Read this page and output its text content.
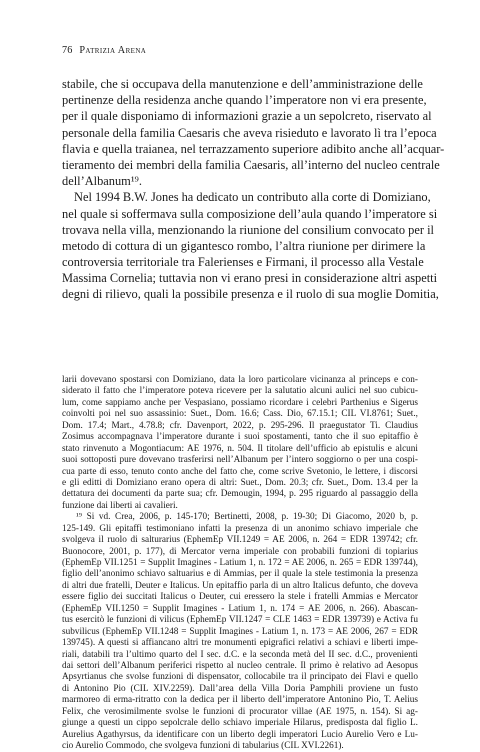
76 Patrizia Arena
stabile, che si occupava della manutenzione e dell’amministrazione delle
pertinenze della residenza anche quando l’imperatore non vi era presente,
per il quale disponiamo di informazioni grazie a un sepolcreto, riservato al
personale della familia Caesaris che aveva risieduto e lavorato lì tra l’epoca
flavia e quella traianea, nel terrazzamento superiore adibito anche all’acquar-
tieramento dei membri della familia Caesaris, all’interno del nucleo centrale
dell’Albanum¹⁹.
Nel 1994 B.W. Jones ha dedicato un contributo alla corte di Domiziano,
nel quale si soffermava sulla composizione dell’aula quando l’imperatore si
trovava nella villa, menzionando la riunione del consilium convocato per il
metodo di cottura di un gigantesco rombo, l’altra riunione per dirimere la
controversia territoriale tra Falerienses e Firmani, il processo alla Vestale
Massima Cornelia; tuttavia non vi erano presi in considerazione altri aspetti
degni di rilievo, quali la possibile presenza e il ruolo di sua moglie Domitia,
larii dovevano spostarsi con Domiziano, data la loro particolare vicinanza al princeps e con-
siderato il fatto che l’imperatore poteva ricevere per la salutatio alcuni aulici nel suo cubicu-
lum, come sappiamo anche per Vespasiano, possiamo ricordare i celebri Parthenius e Sigerus
coinvolti poi nel suo assassinio: Suet., Dom. 16.6; Cass. Dio, 67.15.1; CIL VI.8761; Suet.,
Dom. 17.4; Mart., 4.78.8; cfr. Davenport, 2022, p. 295-296. Il praegustator Ti. Claudius
Zosimus accompagnava l’imperatore durante i suoi spostamenti, tanto che il suo epitaffio è
stato rinvenuto a Mogontiacum: AE 1976, n. 504. Il titolare dell’ufficio ab epistulis e alcuni
suoi sottoposti pure dovevano trasferirsi nell’Albanum per l’intero soggiorno o per una cospi-
cua parte di esso, tenuto conto anche del fatto che, come scrive Svetonio, le lettere, i discorsi
e gli editti di Domiziano erano opera di altri: Suet., Dom. 20.3; cfr. Suet., Dom. 13.4 per la
dettatura dei documenti da parte sua; cfr. Demougin, 1994, p. 295 riguardo al passaggio della
funzione dai liberti ai cavalieri.
¹⁹ Si vd. Crea, 2006, p. 145-170; Bertinetti, 2008, p. 19-30; Di Giacomo, 2020 b, p.
125-149. Gli epitaffi testimoniano infatti la presenza di un anonimo schiavo imperiale che
svolgeva il ruolo di salturarius (EphemEp VII.1249 = AE 2006, n. 264 = EDR 139742; cfr.
Buonocore, 2001, p. 177), di Mercator verna imperiale con probabili funzioni di topiarius
(EphemEp VII.1251 = Supplit Imagines - Latium 1, n. 172 = AE 2006, n. 265 = EDR 139744),
figlio dell’anonimo schiavo saltuarius e di Ammias, per il quale la stele testimonia la presenza
di altri due fratelli, Deuter e Italicus. Un epitaffio parla di un altro Italicus defunto, che doveva
essere figlio dei succitati Italicus o Deuter, cui eressero la stele i fratelli Ammias e Mercator
(EphemEp VII.1250 = Supplit Imagines - Latium 1, n. 174 = AE 2006, n. 266). Abascan-
tus esercitò le funzioni di vilicus (EphemEp VII.1247 = CLE 1463 = EDR 139739) e Activa fu
subvilicus (EphemEp VII.1248 = Supplit Imagines - Latium 1, n. 173 = AE 2006, 267 = EDR
139745). A questi si affiancano altri tre monumenti epigrafici relativi a schiavi e liberti impe-
riali, databili tra l’ultimo quarto del I sec. d.C. e la seconda metà del II sec. d.C., provenienti
dai settori dell’Albanum periferici rispetto al nucleo centrale. Il primo è relativo ad Aesopus
Apsyrtianus che svolse funzioni di dispensator, collocabile tra il principato dei Flavi e quello
di Antonino Pio (CIL XIV.2259). Dall’area della Villa Doria Pamphili proviene un fusto
marmoreo di erma-ritratto con la dedica per il liberto dell’imperatore Antonino Pio, T. Aelius
Felix, che verosimilmente svolse le funzioni di procurator villae (AE 1975, n. 154). Si ag-
giunge a questi un cippo sepolcrale dello schiavo imperiale Hilarus, predisposta dal figlio L.
Aurelius Agathyrsus, da identificare con un liberto degli imperatori Lucio Aurelio Vero e Lu-
cio Aurelio Commodo, che svolgeva funzioni di tabularius (CIL XVI.2261).
